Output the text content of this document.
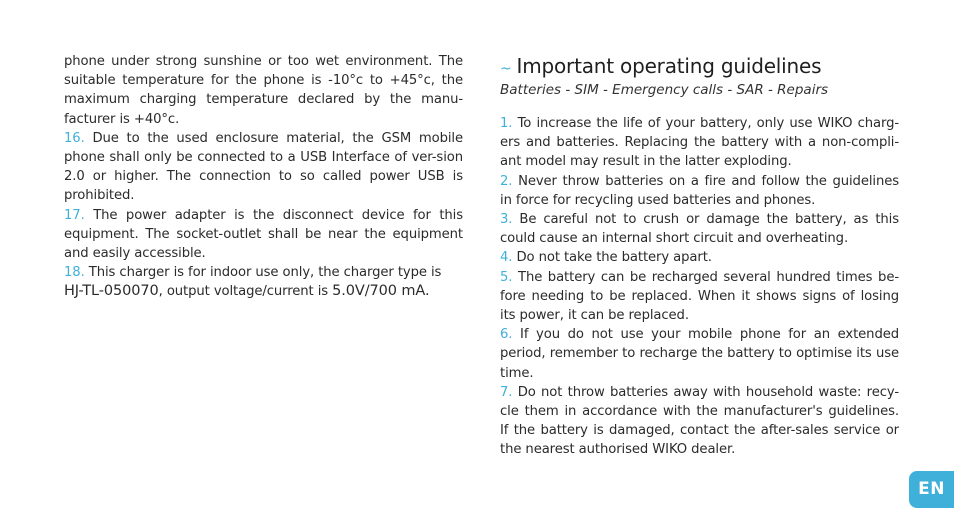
phone under strong sunshine or too wet environment. The suitable temperature for the phone is -10°c to +45°c, the maximum charging temperature declared by the manu-facturer is +40°c.

16. Due to the used enclosure material, the GSM mobile phone shall only be connected to a USB Interface of ver-sion 2.0 or higher. The connection to so called power USB is prohibited.

17. The power adapter is the disconnect device for this equipment. The socket-outlet shall be near the equipment and easily accessible.

18. This charger is for indoor use only, the charger type is HJ-TL-050070, output voltage/current is 5.0V/700 mA.

~ Important operating guidelines
Batteries - SIM - Emergency calls - SAR - Repairs

1. To increase the life of your battery, only use WIKO charg-ers and batteries. Replacing the battery with a non-compli-ant model may result in the latter exploding.

2. Never throw batteries on a fire and follow the guidelines in force for recycling used batteries and phones.

3. Be careful not to crush or damage the battery, as this could cause an internal short circuit and overheating.

4. Do not take the battery apart.

5. The battery can be recharged several hundred times be-fore needing to be replaced. When it shows signs of losing its power, it can be replaced.

6. If you do not use your mobile phone for an extended period, remember to recharge the battery to optimise its use time.

7. Do not throw batteries away with household waste: recy-cle them in accordance with the manufacturer's guidelines. If the battery is damaged, contact the after-sales service or the nearest authorised WIKO dealer.

EN
